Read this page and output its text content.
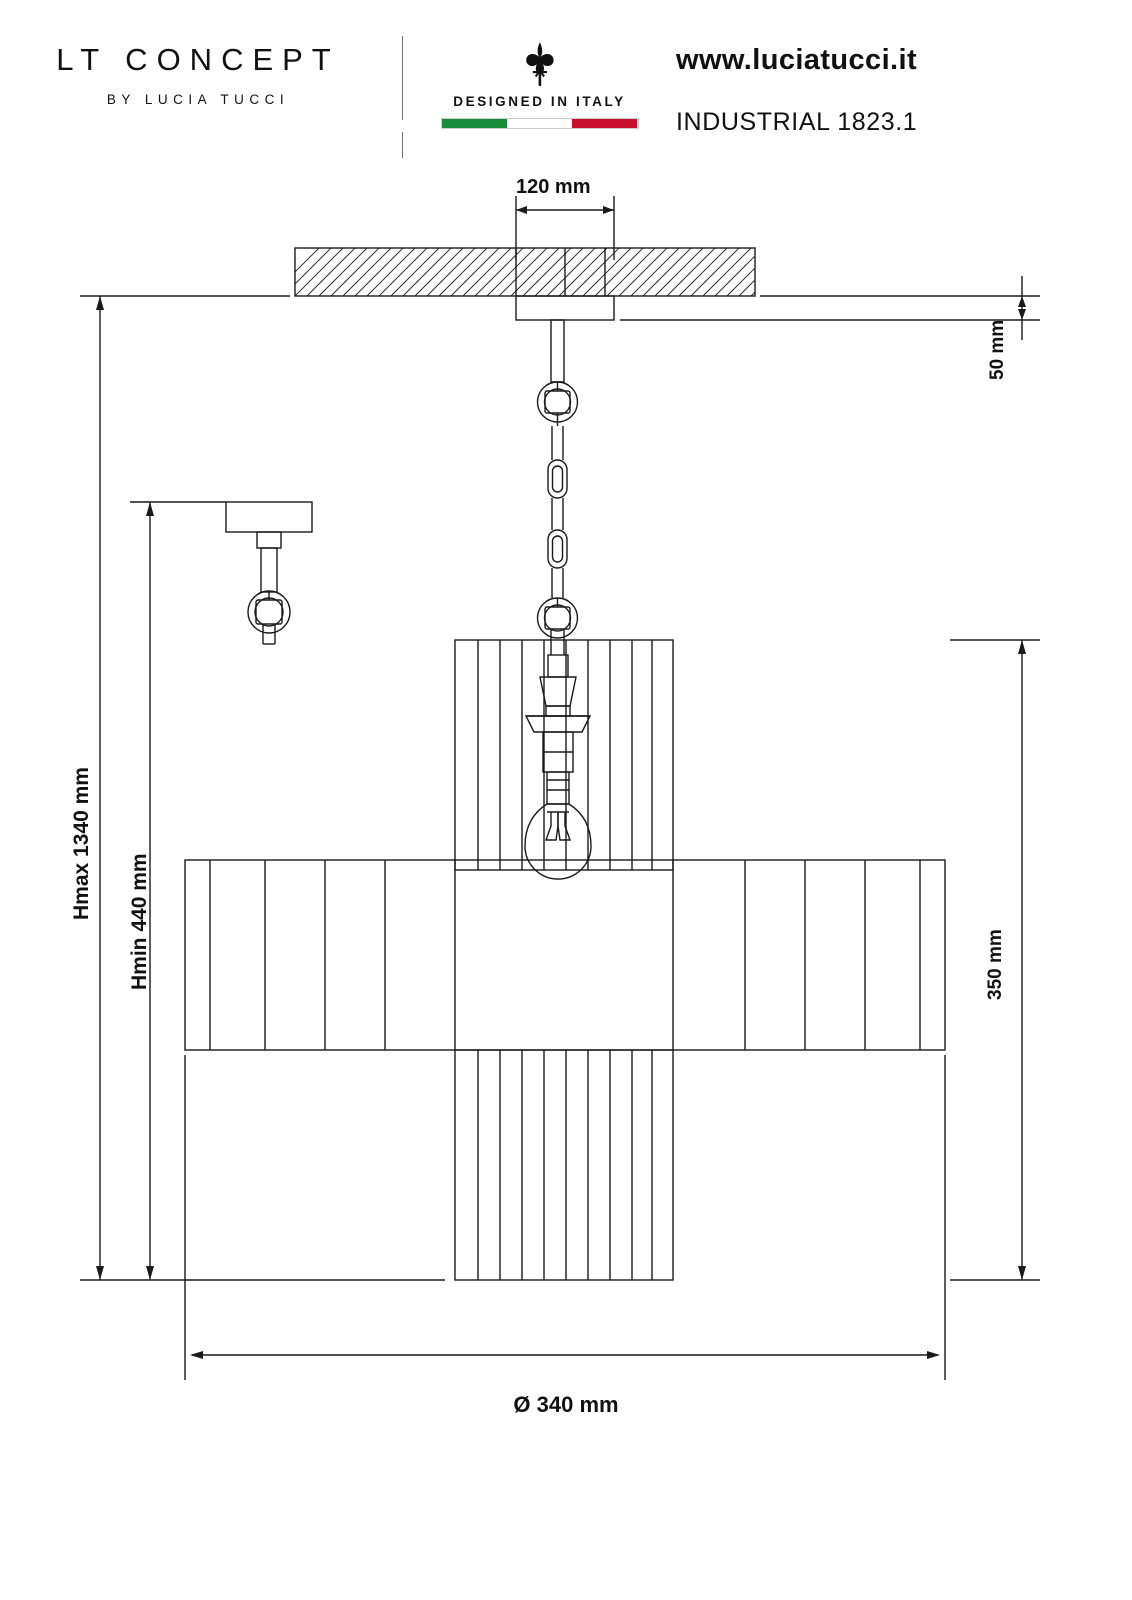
LT CONCEPT
BY LUCIA TUCCI	DESIGNED IN ITALY
www.luciatucci.it
INDUSTRIAL 1823.1
120 mm
50 mm
350 mm
Hmax 1340 mm
Hmin 440 mm
Ø 340 mm
